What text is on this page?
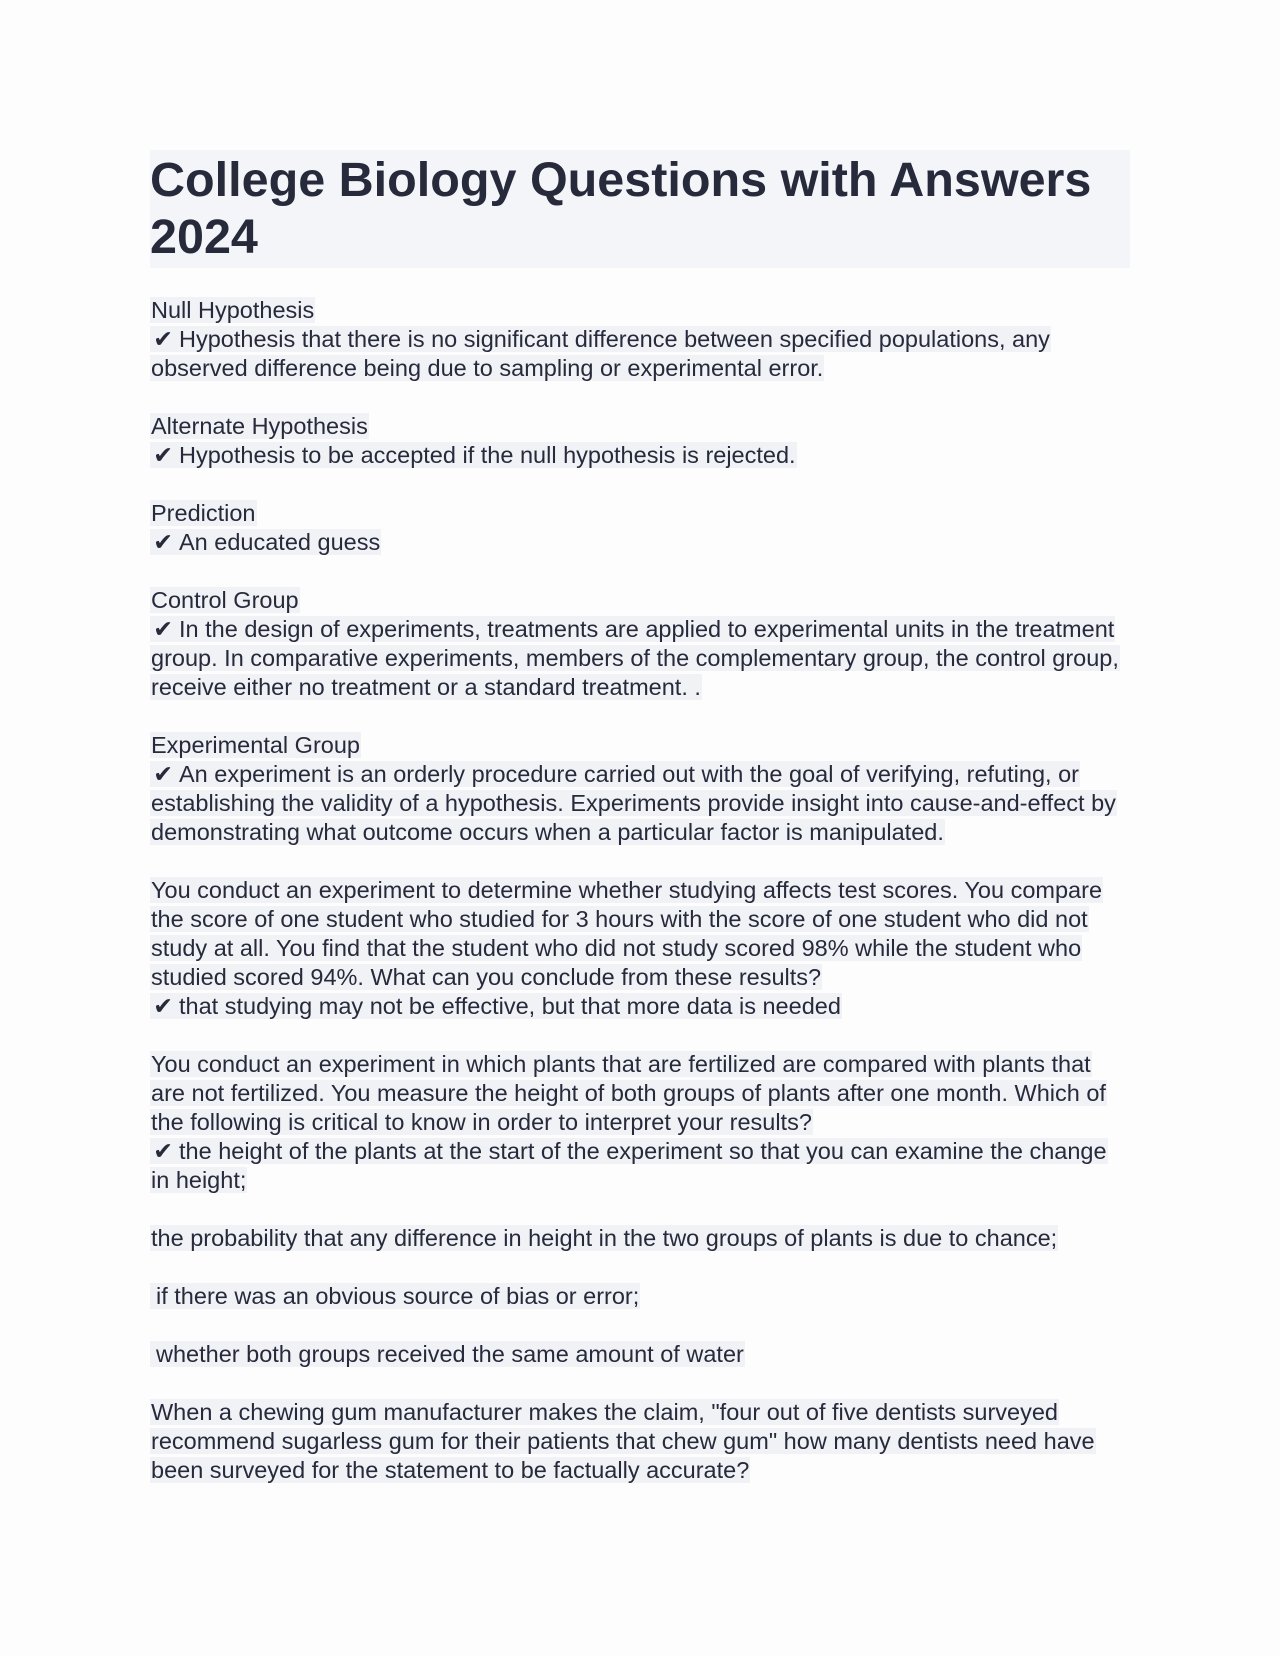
College Biology Questions with Answers 2024
Null Hypothesis
✔ Hypothesis that there is no significant difference between specified populations, any observed difference being due to sampling or experimental error.
Alternate Hypothesis
✔ Hypothesis to be accepted if the null hypothesis is rejected.
Prediction
✔ An educated guess
Control Group
✔ In the design of experiments, treatments are applied to experimental units in the treatment group. In comparative experiments, members of the complementary group, the control group, receive either no treatment or a standard treatment. .
Experimental Group
✔ An experiment is an orderly procedure carried out with the goal of verifying, refuting, or establishing the validity of a hypothesis. Experiments provide insight into cause-and-effect by demonstrating what outcome occurs when a particular factor is manipulated.
You conduct an experiment to determine whether studying affects test scores. You compare the score of one student who studied for 3 hours with the score of one student who did not study at all. You find that the student who did not study scored 98% while the student who studied scored 94%. What can you conclude from these results?
✔ that studying may not be effective, but that more data is needed
You conduct an experiment in which plants that are fertilized are compared with plants that are not fertilized. You measure the height of both groups of plants after one month. Which of the following is critical to know in order to interpret your results?
✔ the height of the plants at the start of the experiment so that you can examine the change in height;
the probability that any difference in height in the two groups of plants is due to chance;
if there was an obvious source of bias or error;
whether both groups received the same amount of water
When a chewing gum manufacturer makes the claim, "four out of five dentists surveyed recommend sugarless gum for their patients that chew gum" how many dentists need have been surveyed for the statement to be factually accurate?
